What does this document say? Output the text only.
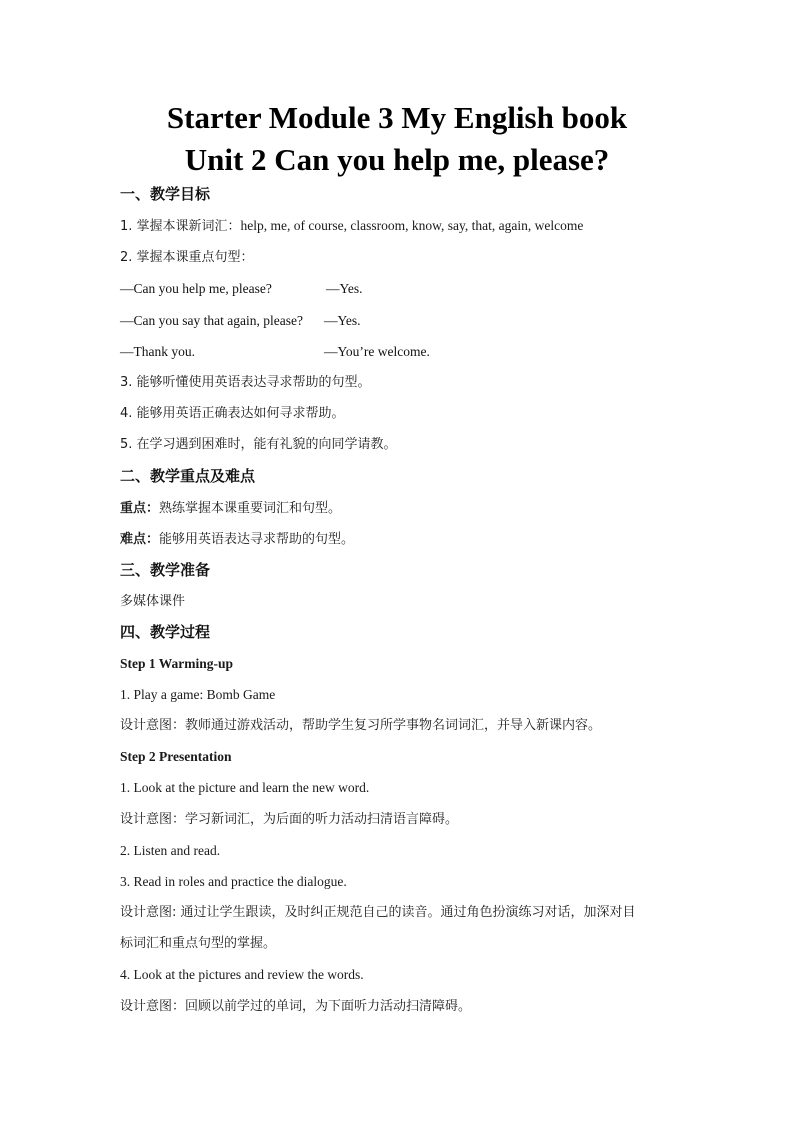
Starter Module 3 My English book
Unit 2 Can you help me, please?
一、教学目标
1. 掌握本课新词汇：help, me, of course, classroom, know, say, that, again, welcome
2. 掌握本课重点句型：
—Can you help me, please?	—Yes.
—Can you say that again, please? —Yes.
—Thank you.	—You’re welcome.
3. 能够听懂使用英语表达寻求帮助的句型。
4. 能够用英语正确表达如何寻求帮助。
5. 在学习遇到困难时，能有礼貌的向同学请教。
二、教学重点及难点
重点：熟练掌握本课重要词汇和句型。
难点：能够用英语表达寻求帮助的句型。
三、教学准备
多媒体课件
四、教学过程
Step 1 Warming-up
1. Play a game: Bomb Game
设计意图：教师通过游戏活动，帮助学生复习所学事物名词词汇，并导入新课内容。
Step 2 Presentation
1. Look at the picture and learn the new word.
设计意图：学习新词汇，为后面的听力活动扫清语言障碍。
2. Listen and read.
3. Read in roles and practice the dialogue.
设计意图: 通过让学生跟读，及时纠正规范自己的读音。通过角色扮演练习对话，加深对目
标词汇和重点句型的掌握。
4. Look at the pictures and review the words.
设计意图：回顾以前学过的单词，为下面听力活动扫清障碍。
